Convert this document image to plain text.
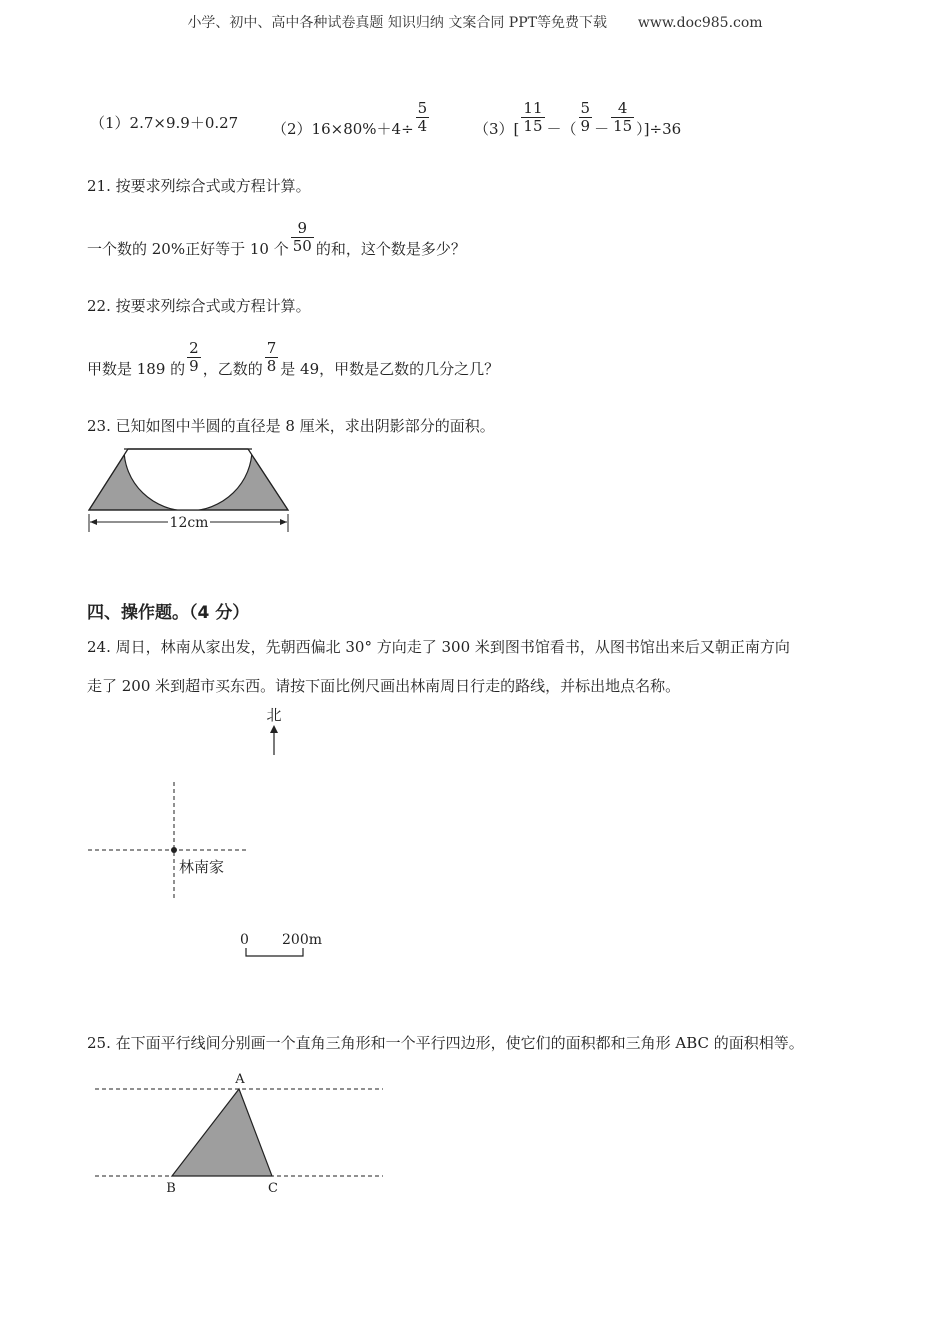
小学、初中、高中各种试卷真题 知识归纳 文案合同 PPT等免费下载 www.doc985.com
（1）2.7×9.9＋0.27 $(2)16\times 80\%+4\div \frac{5}{4}$	$(3)[ \frac{11}{15}$ －（ $\frac{5}{9} - \frac{4}{15} )]\div 36$
21. 按要求列综合式或方程计算。
一个数的 20%正好等于 10 个 $\frac{9}{50}$ 的和，这个数是多少？
22. 按要求列综合式或方程计算。
甲数是 189 的 $\frac{2}{9}$ ，乙数的 $\frac{7}{8}$ 是 49，甲数是乙数的几分之几？
23. 已知如图中半圆的直径是 8 厘米，求出阴影部分的面积。
12cm
四、操作题。（4 分）
24. 周日，林南从家出发，先朝西偏北 30° 方向走了 300 米到图书馆看书，从图书馆出来后又朝正南方向
走了 200 米到超市买东西。请按下面比例尺画出林南周日行走的路线，并标出地点名称。
北
林南家
0 200m
25. 在下面平行线间分别画一个直角三角形和一个平行四边形，使它们的面积都和三角形 ABC 的面积相等。
A
B	C
